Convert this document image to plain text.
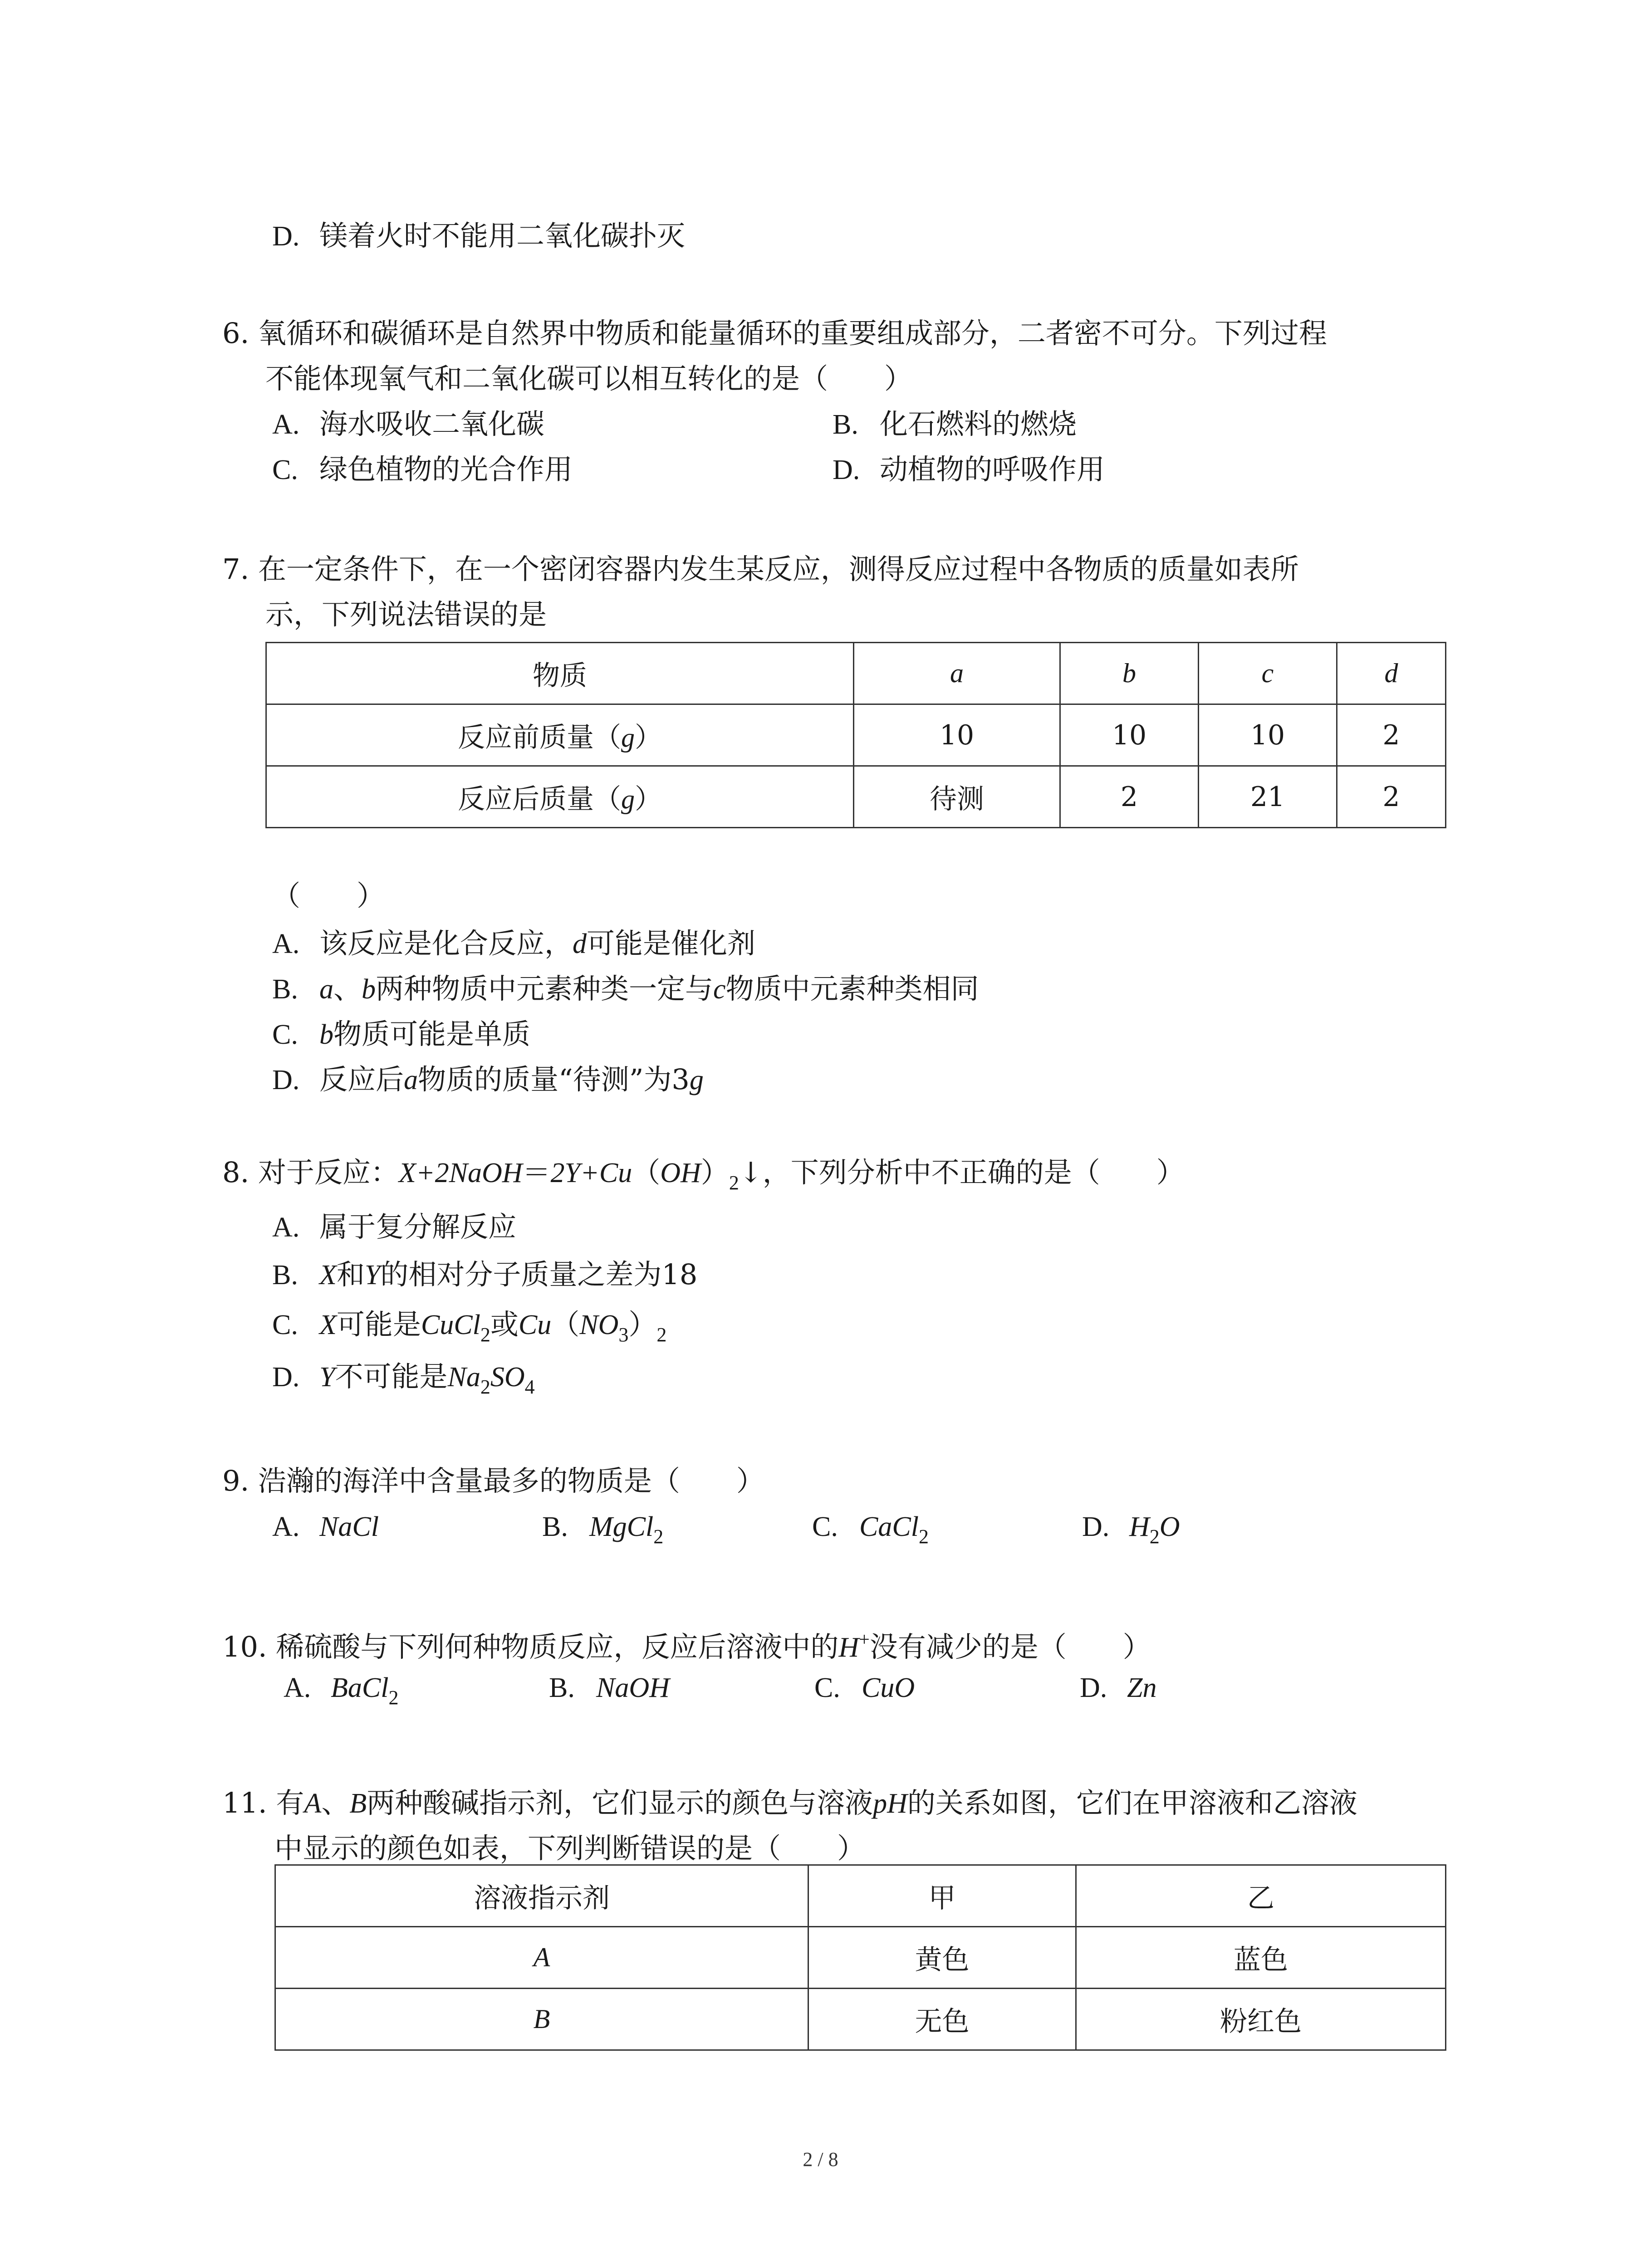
D. 镁着火时不能用二氧化碳扑灭
6. 氧循环和碳循环是自然界中物质和能量循环的重要组成部分，二者密不可分。下列过程
不能体现氧气和二氧化碳可以相互转化的是（　　）
A. 海水吸收二氧化碳	B. 化石燃料的燃烧
C. 绿色植物的光合作用	D. 动植物的呼吸作用
7. 在一定条件下，在一个密闭容器内发生某反应，测得反应过程中各物质的质量如表所
示，下列说法错误的是
物质	a	b	c	d
反应前质量（g）	10	10	10	2
反应后质量（g）	待测	2	21	2
（　　）
A. 该反应是化合反应，d可能是催化剂
B. a、b两种物质中元素种类一定与c物质中元素种类相同
C. b物质可能是单质
D. 反应后a物质的质量“待测”为3g
8. 对于反应：$X+2NaOH=2Y+Cu(OH)_2↓$，下列分析中不正确的是（　　）
A. 属于复分解反应
B. X和Y的相对分子质量之差为18
C. X可能是CuCl$_2$或$Cu(NO_3)_2$
D. Y不可能是$Na_2SO_4$
9. 浩瀚的海洋中含量最多的物质是（　　）
A. NaCl	B. MgCl$_2$	C. CaCl$_2$	D. $H_2O$
10. 稀硫酸与下列何种物质反应，反应后溶液中的H+没有减少的是（　　）
A. BaCl$_2$	B. NaOH	C. CuO	D. Zn
11. 有A、B两种酸碱指示剂，它们显示的颜色与溶液pH的关系如图，它们在甲溶液和乙溶液
中显示的颜色如表，下列判断错误的是（　　）
溶液指示剂	甲	乙
A	黄色	蓝色
B	无色	粉红色
2 / 8
